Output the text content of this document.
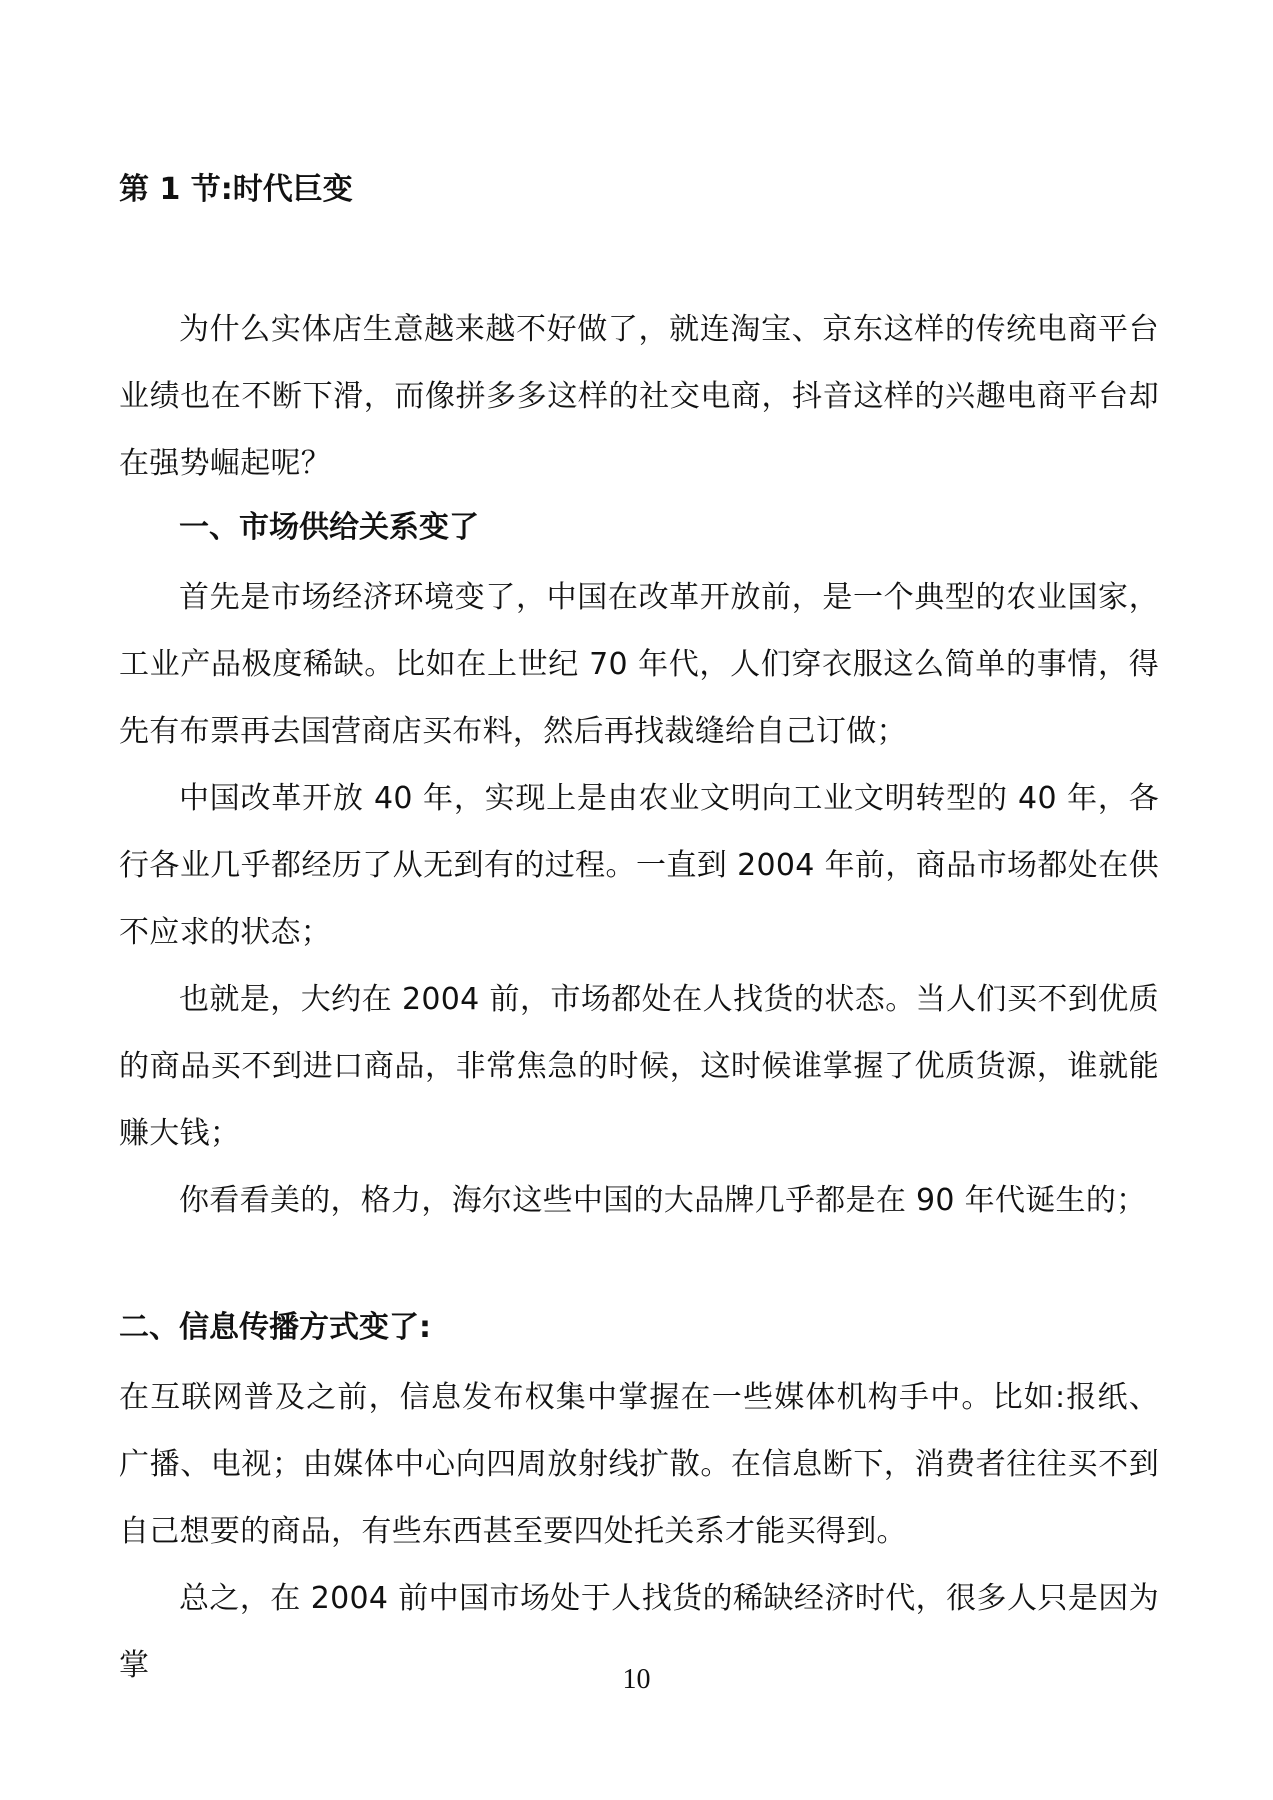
第 1 节:时代巨变
为什么实体店生意越来越不好做了，就连淘宝、京东这样的传统电商平台业绩也在不断下滑，而像拼多多这样的社交电商，抖音这样的兴趣电商平台却在强势崛起呢？
一、市场供给关系变了
首先是市场经济环境变了，中国在改革开放前，是一个典型的农业国家，工业产品极度稀缺。比如在上世纪 70 年代，人们穿衣服这么简单的事情，得先有布票再去国营商店买布料，然后再找裁缝给自己订做；
中国改革开放 40 年，实现上是由农业文明向工业文明转型的 40 年，各行各业几乎都经历了从无到有的过程。一直到 2004 年前，商品市场都处在供不应求的状态；
也就是，大约在 2004 前，市场都处在人找货的状态。当人们买不到优质的商品买不到进口商品，非常焦急的时候，这时候谁掌握了优质货源，谁就能赚大钱；
你看看美的，格力，海尔这些中国的大品牌几乎都是在 90 年代诞生的；
二、信息传播方式变了:
在互联网普及之前，信息发布权集中掌握在一些媒体机构手中。比如:报纸、广播、电视；由媒体中心向四周放射线扩散。在信息断下，消费者往往买不到自己想要的商品，有些东西甚至要四处托关系才能买得到。
总之，在 2004 前中国市场处于人找货的稀缺经济时代，很多人只是因为掌	10
